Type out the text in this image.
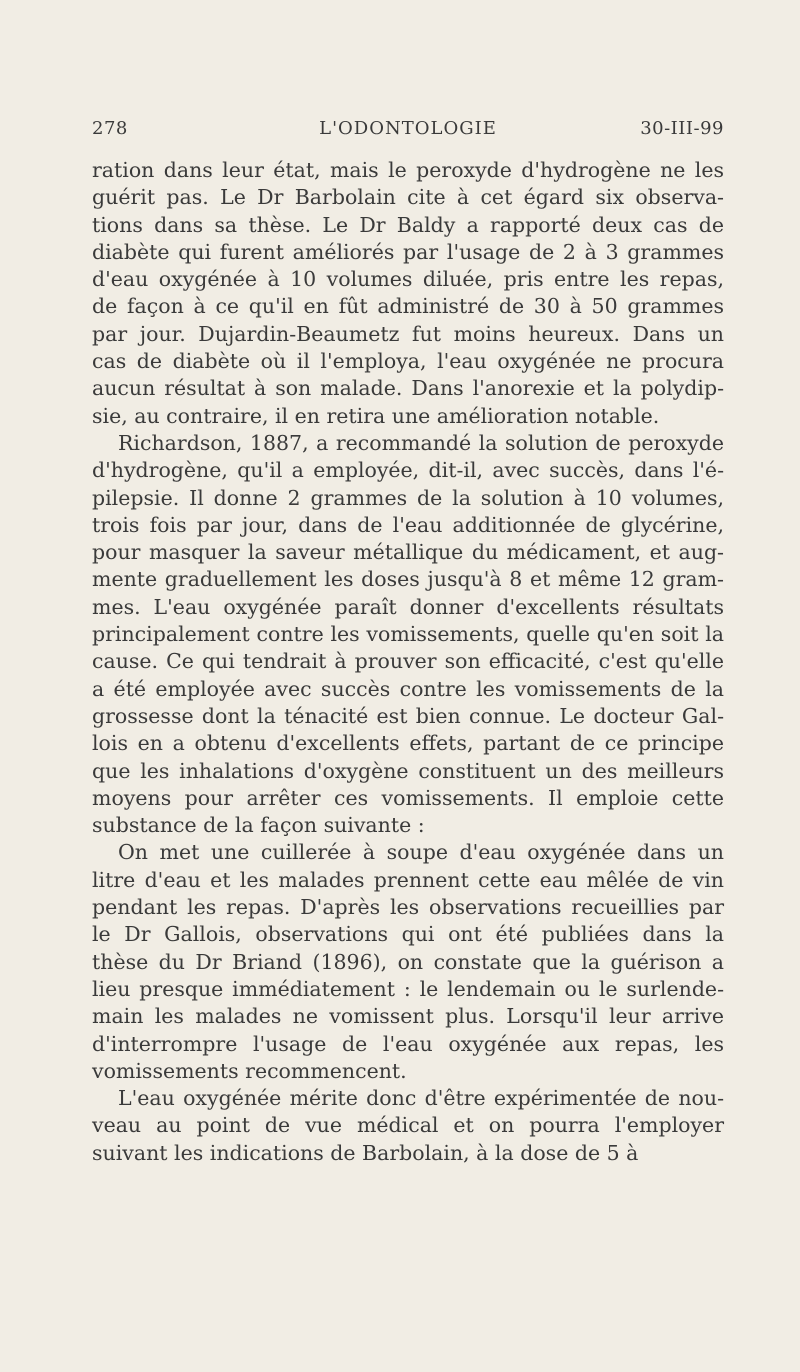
278	L'ODONTOLOGIE	30-III-99
ration dans leur état, mais le peroxyde d'hydrogène ne les
guérit pas. Le Dr Barbolain cite à cet égard six observa-
tions dans sa thèse. Le Dr Baldy a rapporté deux cas de
diabète qui furent améliorés par l'usage de 2 à 3 grammes
d'eau oxygénée à 10 volumes diluée, pris entre les repas,
de façon à ce qu'il en fût administré de 30 à 50 grammes
par jour. Dujardin-Beaumetz fut moins heureux. Dans un
cas de diabète où il l'employa, l'eau oxygénée ne procura
aucun résultat à son malade. Dans l'anorexie et la polydip-
sie, au contraire, il en retira une amélioration notable.
Richardson, 1887, a recommandé la solution de peroxyde
d'hydrogène, qu'il a employée, dit-il, avec succès, dans l'é-
pilepsie. Il donne 2 grammes de la solution à 10 volumes,
trois fois par jour, dans de l'eau additionnée de glycérine,
pour masquer la saveur métallique du médicament, et aug-
mente graduellement les doses jusqu'à 8 et même 12 gram-
mes. L'eau oxygénée paraît donner d'excellents résultats
principalement contre les vomissements, quelle qu'en soit la
cause. Ce qui tendrait à prouver son efficacité, c'est qu'elle
a été employée avec succès contre les vomissements de la
grossesse dont la ténacité est bien connue. Le docteur Gal-
lois en a obtenu d'excellents effets, partant de ce principe
que les inhalations d'oxygène constituent un des meilleurs
moyens pour arrêter ces vomissements. Il emploie cette
substance de la façon suivante :
On met une cuillerée à soupe d'eau oxygénée dans un
litre d'eau et les malades prennent cette eau mêlée de vin
pendant les repas. D'après les observations recueillies par
le Dr Gallois, observations qui ont été publiées dans la
thèse du Dr Briand (1896), on constate que la guérison a
lieu presque immédiatement : le lendemain ou le surlende-
main les malades ne vomissent plus. Lorsqu'il leur arrive
d'interrompre l'usage de l'eau oxygénée aux repas, les
vomissements recommencent.
L'eau oxygénée mérite donc d'être expérimentée de nou-
veau au point de vue médical et on pourra l'employer
suivant les indications de Barbolain, à la dose de 5 à
